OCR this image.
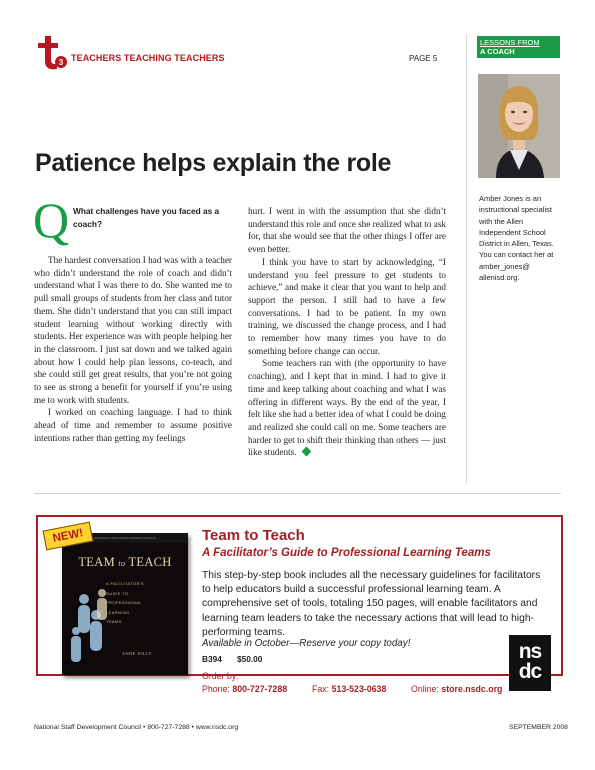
3 TEACHERS TEACHING TEACHERS	PAGE 5
LESSONS FROM
A COACH
Amber Jones is an
instructional specialist
with the Allen
Independent School
District in Allen, Texas.
You can contact her at
amber_jones@
allenisd.org.
Patience helps explain the role
Q What challenges have you faced as a coach?

The hardest conversation I had was with a teacher who didn’t understand the role of coach and didn’t understand what I was there to do. She wanted me to pull small groups of students from her class and tutor them. She didn’t understand that you can still impact student learning without working directly with students. Her experience was with people helping her in the classroom. I just sat down and we talked again about how I could help plan lessons, co-teach, and she could still get great results, that you’re not going to see as strong a benefit for yourself if you’re using me to work with students.

I worked on coaching language. I had to think ahead of time and remember to assume positive intentions rather than getting my feelings

hurt. I went in with the assumption that she didn’t understand this role and once she realized what to ask for, that she would see that the other things I offer are even better.

I think you have to start by acknowledging, “I understand you feel pressure to get students to achieve,” and make it clear that you want to help and support the person. I still had to have a few conversations. I had to be patient. In my own training, we discussed the change process, and I had to remember how many times you have to do something before change can occur.

Some teachers ran with (the opportunity to have coaching), and I kept that in mind. I had to give it time and keep talking about coaching and what I was offering in different ways. By the end of the year, I felt like she had a better idea of what I could be doing and realized she could call on me. Some teachers are harder to get to shift their thinking than others — just like students.

NATIONAL STAFF DEVELOPMENT COUNCIL
TEAM to TEACH
A FACILITATOR'S
GUIDE TO
PROFESSIONAL
LEARNING
TEAMS
ANNE JOLLY
NEW!	Team to Teach
A Facilitator’s Guide to Professional Learning Teams
This step-by-step book includes all the necessary guidelines for facilitators to help educators build a successful professional learning team. A comprehensive set of tools, totaling 150 pages, will enable facilitators and learning team leaders to take the necessary actions that will lead to high-performing teams.
Available in October—Reserve your copy today!
B394 $50.00
Order by:
Phone: 800-727-7288	Fax: 513-523-0638	Online: store.nsdc.org
ns
dc
National Staff Development Council • 800-727-7288 • www.nsdc.org	SEPTEMBER 2008
